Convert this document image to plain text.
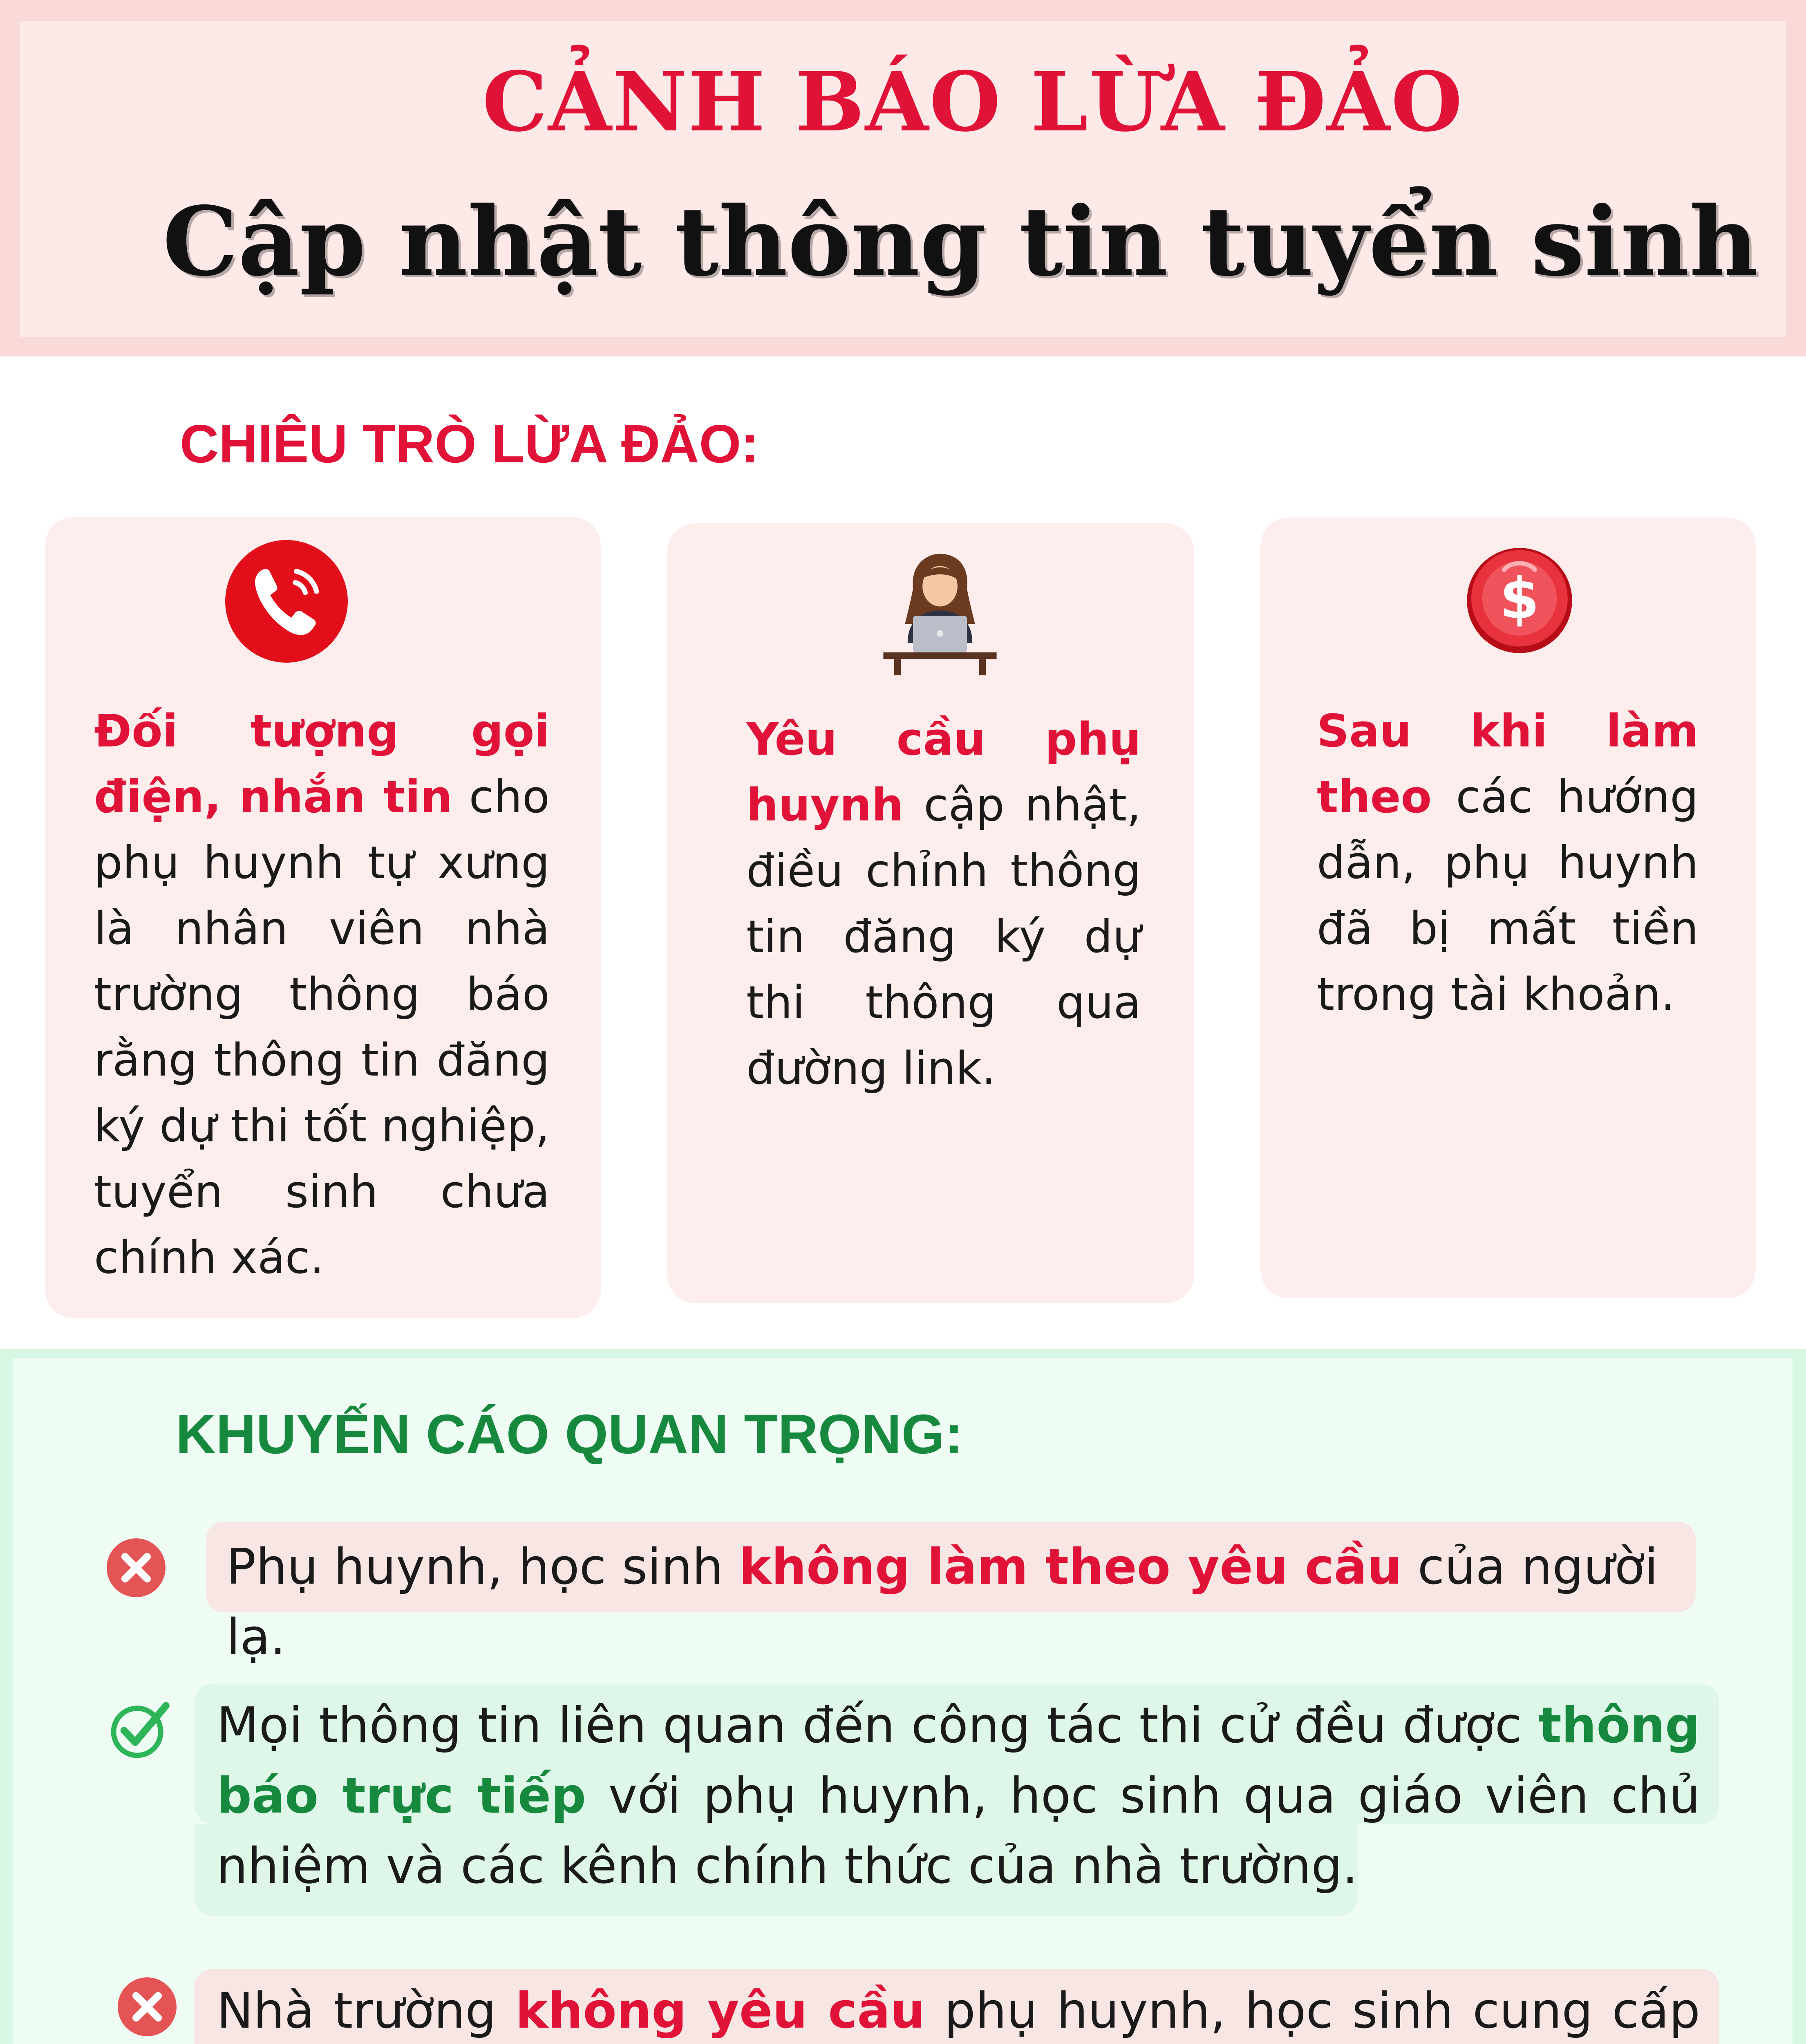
CẢNH BÁO LỪA ĐẢO
Cập nhật thông tin tuyển sinh
CHIÊU TRÒ LỪA ĐẢO:
Đối tượng gọi điện, nhắn tin cho phụ huynh tự xưng là nhân viên nhà trường thông báo rằng thông tin đăng ký dự thi tốt nghiệp, tuyển sinh chưa chính xác.
Yêu cầu phụ huynh cập nhật, điều chỉnh thông tin đăng ký dự thi thông qua đường link.
$
Sau khi làm theo các hướng dẫn, phụ huynh đã bị mất tiền trong tài khoản.
KHUYẾN CÁO QUAN TRỌNG:
Phụ huynh, học sinh không làm theo yêu cầu của người lạ.
Mọi thông tin liên quan đến công tác thi cử đều được thông báo trực tiếp với phụ huynh, học sinh qua giáo viên chủ nhiệm và các kênh chính thức của nhà trường.
Nhà trường không yêu cầu phụ huynh, học sinh cung cấp
